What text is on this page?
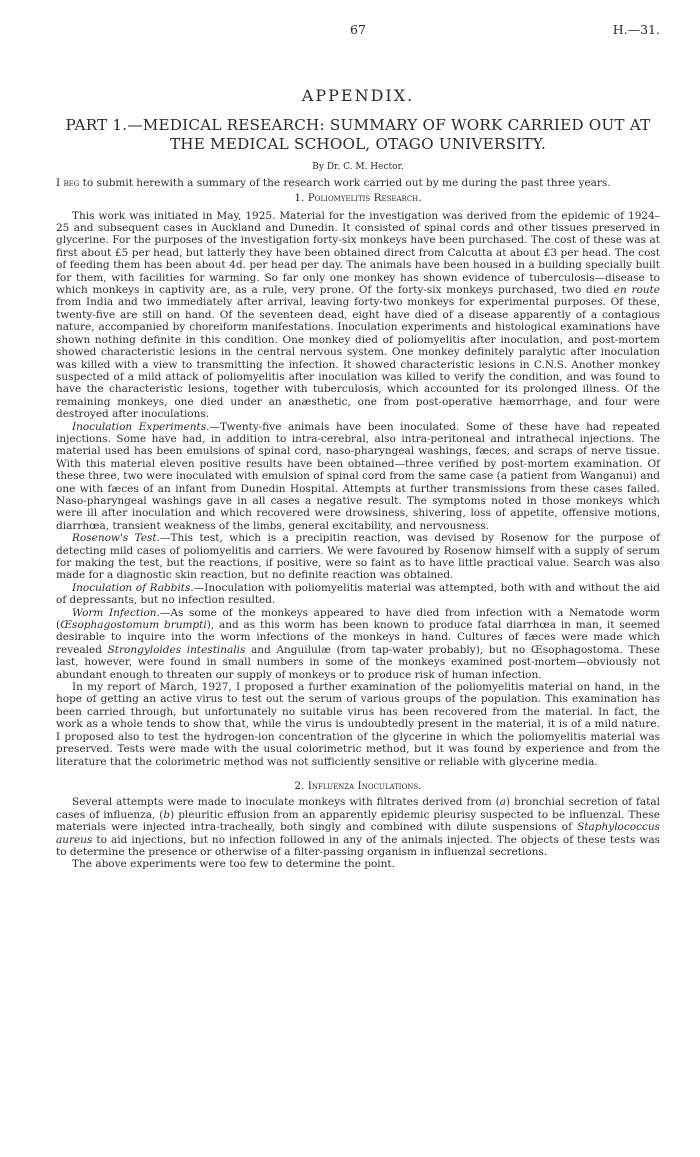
67	H.—31.
APPENDIX.
PART 1.—MEDICAL RESEARCH: SUMMARY OF WORK CARRIED OUT AT THE MEDICAL SCHOOL, OTAGO UNIVERSITY.
By Dr. C. M. Hector.

I beg to submit herewith a summary of the research work carried out by me during the past three years.

1. Poliomyelitis Research.

This work was initiated in May, 1925. Material for the investigation was derived from the epidemic of 1924–25 and subsequent cases in Auckland and Dunedin. It consisted of spinal cords and other tissues preserved in glycerine. For the purposes of the investigation forty-six monkeys have been purchased. The cost of these was at first about £5 per head, but latterly they have been obtained direct from Calcutta at about £3 per head. The cost of feeding them has been about 4d. per head per day. The animals have been housed in a building specially built for them, with facilities for warming. So far only one monkey has shown evidence of tuberculosis—disease to which monkeys in captivity are, as a rule, very prone. Of the forty-six monkeys purchased, two died en route from India and two immediately after arrival, leaving forty-two monkeys for experimental purposes. Of these, twenty-five are still on hand. Of the seventeen dead, eight have died of a disease apparently of a contagious nature, accompanied by choreiform manifestations. Inoculation experiments and histological examinations have shown nothing definite in this condition. One monkey died of poliomyelitis after inoculation, and post-mortem showed characteristic lesions in the central nervous system. One monkey definitely paralytic after inoculation was killed with a view to transmitting the infection. It showed characteristic lesions in C.N.S. Another monkey suspected of a mild attack of poliomyelitis after inoculation was killed to verify the condition, and was found to have the characteristic lesions, together with tuberculosis, which accounted for its prolonged illness. Of the remaining monkeys, one died under an anæsthetic, one from post-operative hæmorrhage, and four were destroyed after inoculations.

Inoculation Experiments.—Twenty-five animals have been inoculated. Some of these have had repeated injections. Some have had, in addition to intra-cerebral, also intra-peritoneal and intrathecal injections. The material used has been emulsions of spinal cord, naso-pharyngeal washings, fæces, and scraps of nerve tissue. With this material eleven positive results have been obtained—three verified by post-mortem examination. Of these three, two were inoculated with emulsion of spinal cord from the same case (a patient from Wanganui) and one with fæces of an infant from Dunedin Hospital. Attempts at further transmissions from these cases failed. Naso-pharyngeal washings gave in all cases a negative result. The symptoms noted in those monkeys which were ill after inoculation and which recovered were drowsiness, shivering, loss of appetite, offensive motions, diarrhœa, transient weakness of the limbs, general excitability, and nervousness.

Rosenow's Test.—This test, which is a precipitin reaction, was devised by Rosenow for the purpose of detecting mild cases of poliomyelitis and carriers. We were favoured by Rosenow himself with a supply of serum for making the test, but the reactions, if positive, were so faint as to have little practical value. Search was also made for a diagnostic skin reaction, but no definite reaction was obtained.

Inoculation of Rabbits.—Inoculation with poliomyelitis material was attempted, both with and without the aid of depressants, but no infection resulted.

Worm Infection.—As some of the monkeys appeared to have died from infection with a Nematode worm (Œsophagostomum brumpti), and as this worm has been known to produce fatal diarrhœa in man, it seemed desirable to inquire into the worm infections of the monkeys in hand. Cultures of fæces were made which revealed Strongyloides intestinalis and Anguilulæ (from tap-water probably), but no Œsophagostoma. These last, however, were found in small numbers in some of the monkeys examined post-mortem—obviously not abundant enough to threaten our supply of monkeys or to produce risk of human infection.

In my report of March, 1927, I proposed a further examination of the poliomyelitis material on hand, in the hope of getting an active virus to test out the serum of various groups of the population. This examination has been carried through, but unfortunately no suitable virus has been recovered from the material. In fact, the work as a whole tends to show that, while the virus is undoubtedly present in the material, it is of a mild nature. I proposed also to test the hydrogen-ion concentration of the glycerine in which the poliomyelitis material was preserved. Tests were made with the usual colorimetric method, but it was found by experience and from the literature that the colorimetric method was not sufficiently sensitive or reliable with glycerine media.

2. Influenza Inoculations.

Several attempts were made to inoculate monkeys with filtrates derived from (a) bronchial secretion of fatal cases of influenza, (b) pleuritic effusion from an apparently epidemic pleurisy suspected to be influenzal. These materials were injected intra-tracheally, both singly and combined with dilute suspensions of Staphylococcus aureus to aid injections, but no infection followed in any of the animals injected. The objects of these tests was to determine the presence or otherwise of a filter-passing organism in influenzal secretions.

The above experiments were too few to determine the point.
